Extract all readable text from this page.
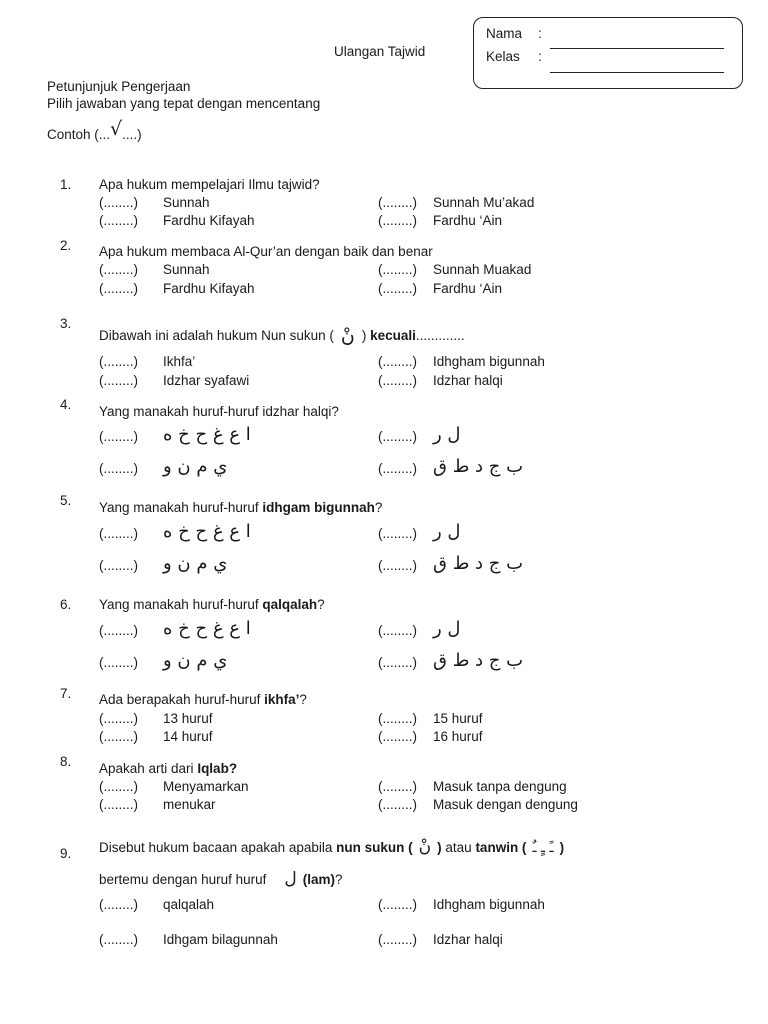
Ulangan Tajwid
Nama :
Kelas :
Petunjunjuk Pengerjaan
Pilih jawaban yang tepat dengan mencentang
Contoh (...√....)
1. Apa hukum mempelajari Ilmu tajwid?
(........) Sunnah	(........) Sunnah Mu’akad
(........) Fardhu Kifayah	(........) Fardhu ‘Ain
2. Apa hukum membaca Al-Qur’an dengan baik dan benar
(........) Sunnah	(........) Sunnah Muakad
(........) Fardhu Kifayah	(........) Fardhu ‘Ain
3.
Dibawah ini adalah hukum Nun sukun ( نْ ) kecuali.............
(........) Ikhfa’	(........) Idhgham bigunnah
(........) Idzhar syafawi	(........) Idzhar halqi
4. Yang manakah huruf-huruf idzhar halqi?
(........) ا ع غ ح خ ه	(........) ل ر
(........) ي م ن و	(........) ب ج د ط ق
5. Yang manakah huruf-huruf idhgam bigunnah?
(........) ا ع غ ح خ ه	(........) ل ر
(........) ي م ن و	(........) ب ج د ط ق
6. Yang manakah huruf-huruf qalqalah?
(........) ا ع غ ح خ ه	(........) ل ر
(........) ي م ن و	(........) ب ج د ط ق
7. Ada berapakah huruf-huruf ikhfa’?
(........) 13 huruf	(........) 15 huruf
(........) 14 huruf	(........) 16 huruf
8. Apakah arti dari Iqlab?
(........) Menyamarkan	(........) Masuk tanpa dengung
(........) menukar	(........) Masuk dengan dengung
9.
bertemu dengan huruf huruf ل (lam)?
Disebut hukum bacaan apakah apabila nun sukun ( نْ ) atau tanwin ( ـً ـٍ ـٌ )
(........) qalqalah	(........) Idhgham bigunnah
(........) Idhgam bilagunnah	(........) Idzhar halqi
